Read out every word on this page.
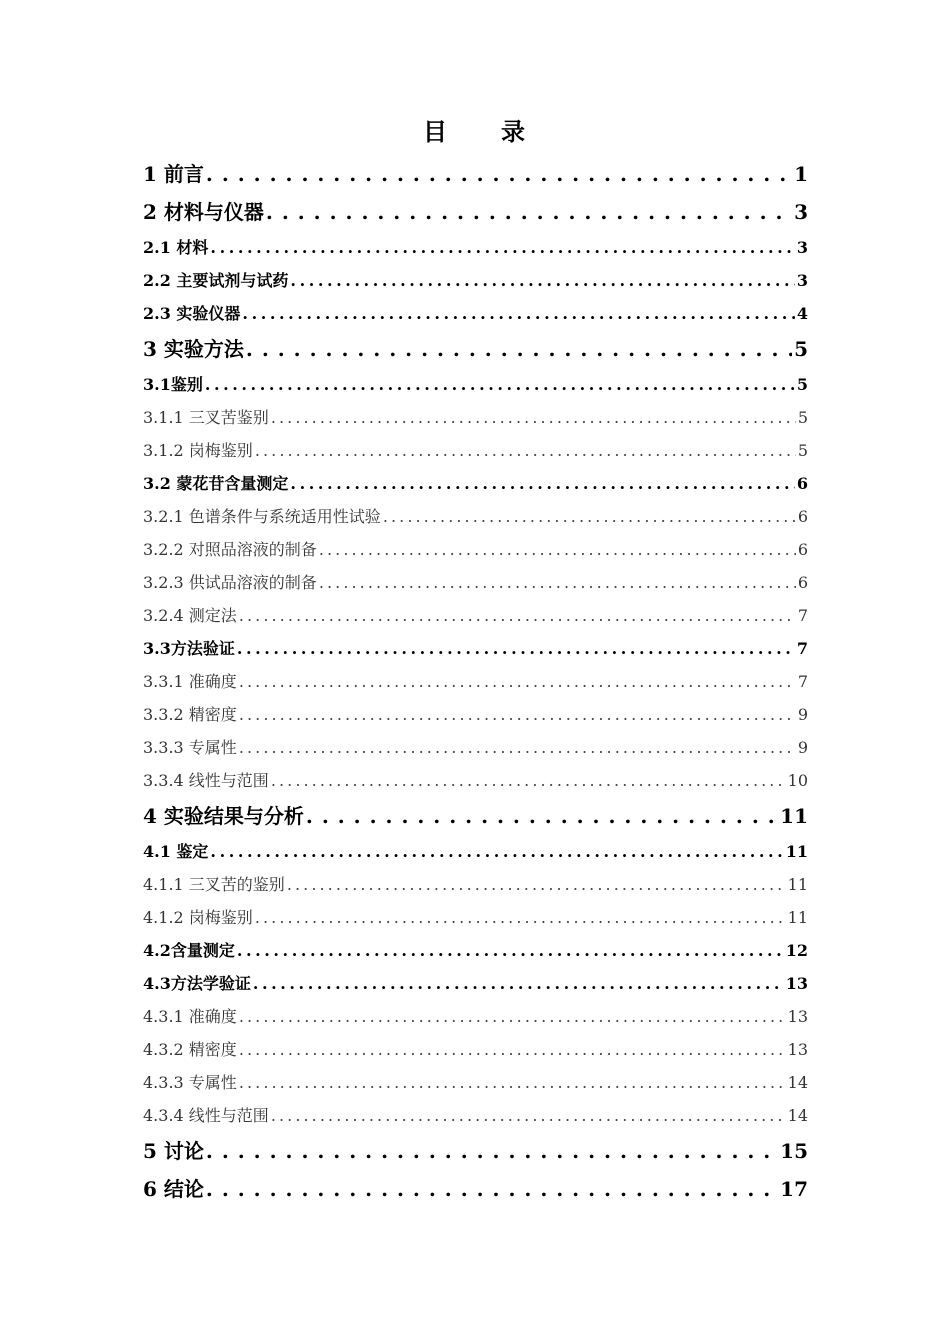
目　　录
1 前言 . . .	1
2 材料与仪器 . . .	3
2.1 材料 . . .	3
2.2 主要试剂与试药 . . .	3
2.3 实验仪器 . . .	4
3 实验方法 . . .	5
3.1鉴别 . . .	5
3.1.1 三叉苦鉴别 . . .	5
3.1.2 岗梅鉴别 . . .	5
3.2 蒙花苷含量测定 . . .	6
3.2.1 色谱条件与系统适用性试验 . . .	6
3.2.2 对照品溶液的制备 . . .	6
3.2.3 供试品溶液的制备 . . .	6
3.2.4 测定法 . . .	7
3.3方法验证 . . .	7
3.3.1 准确度 . . .	7
3.3.2 精密度 . . .	9
3.3.3 专属性 . . .	9
3.3.4 线性与范围 . . .	10
4 实验结果与分析 . . .	11
4.1 鉴定 . . .	11
4.1.1 三叉苦的鉴别 . . .	11
4.1.2 岗梅鉴别 . . .	11
4.2含量测定 . . .	12
4.3方法学验证 . . .	13
4.3.1 准确度 . . .	13
4.3.2 精密度 . . .	13
4.3.3 专属性 . . .	14
4.3.4 线性与范围 . . .	14
5 讨论 . . .	15
6 结论 . . .	17
